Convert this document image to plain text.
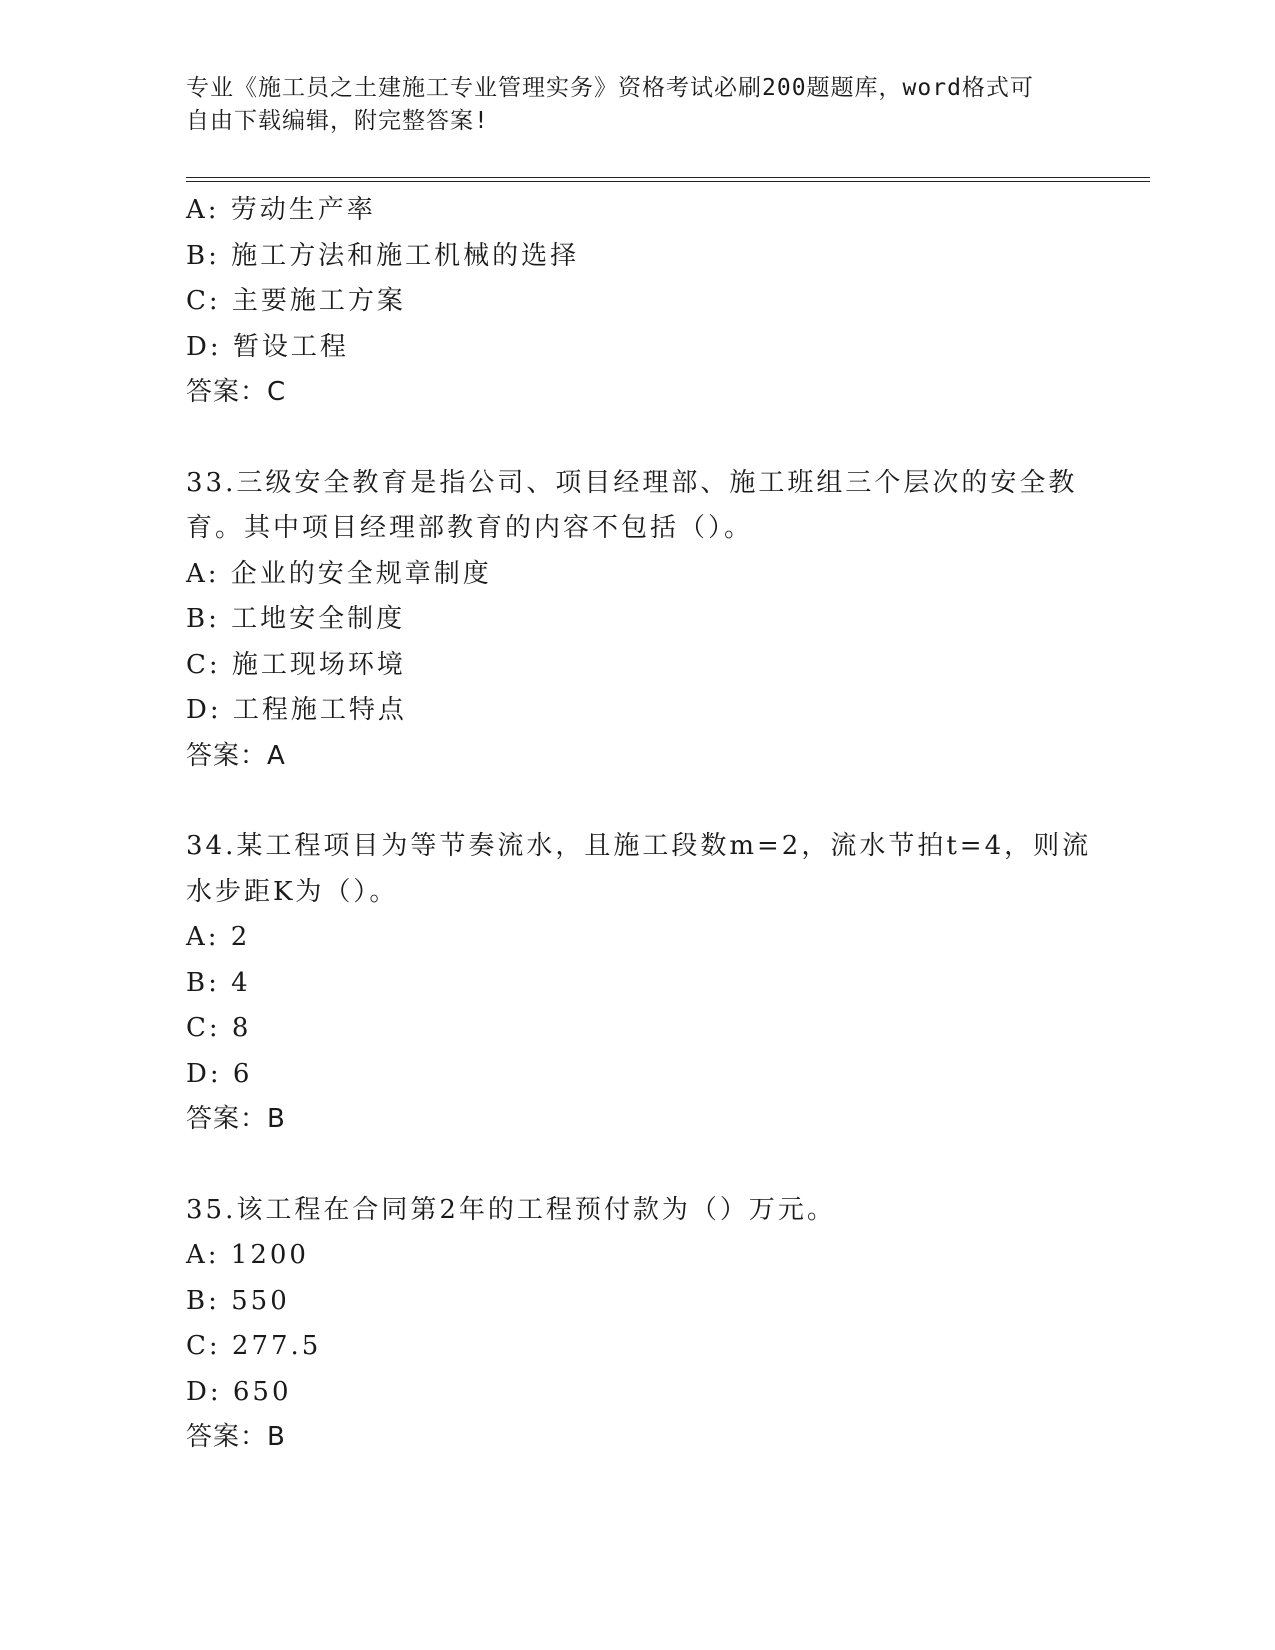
专业《施工员之土建施工专业管理实务》资格考试必刷200题题库，word格式可
自由下载编辑，附完整答案!
A: 劳动生产率
B: 施工方法和施工机械的选择
C: 主要施工方案
D: 暂设工程
答案：C
33.三级安全教育是指公司、项目经理部、施工班组三个层次的安全教
育。其中项目经理部教育的内容不包括（）。
A: 企业的安全规章制度
B: 工地安全制度
C: 施工现场环境
D: 工程施工特点
答案：A
34.某工程项目为等节奏流水，且施工段数m=2，流水节拍t=4，则流
水步距K为（）。
A: 2
B: 4
C: 8
D: 6
答案：B
35.该工程在合同第2年的工程预付款为（）万元。
A: 1200
B: 550
C: 277.5
D: 650
答案：B
